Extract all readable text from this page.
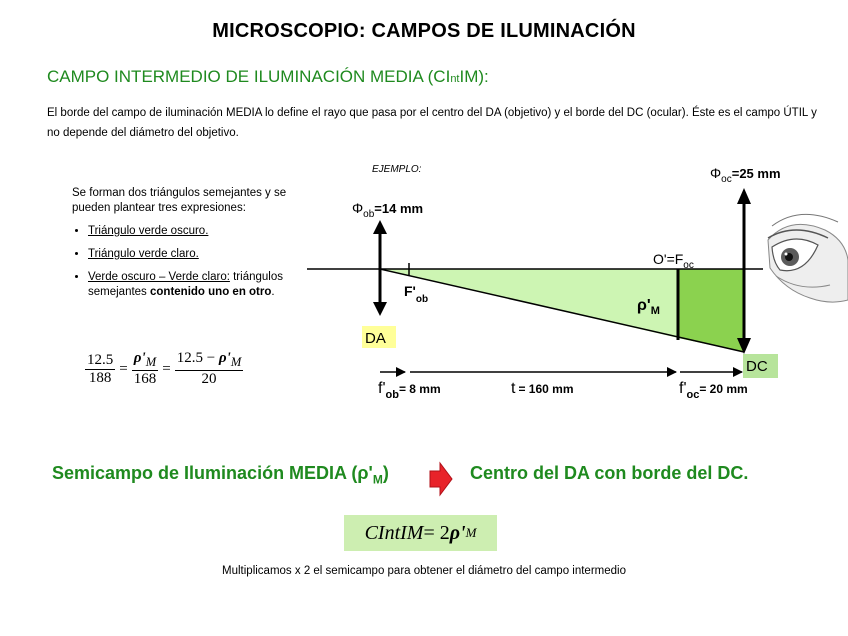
MICROSCOPIO: CAMPOS DE ILUMINACIÓN
CAMPO INTERMEDIO DE ILUMINACIÓN MEDIA (CIntIM):
El borde del campo de iluminación MEDIA lo define el rayo que pasa por el centro del DA (objetivo) y el borde del DC (ocular). Éste es el campo ÚTIL y no depende del diámetro del objetivo.
Se forman dos triángulos semejantes y se pueden plantear tres expresiones:
• Triángulo verde oscuro.
• Triángulo verde claro.
• Verde oscuro – Verde claro: triángulos semejantes contenido uno en otro.
$\frac{12.5}{188} = \frac{\rho'_M}{168} = \frac{12.5 - \rho'_M}{20}$
EJEMPLO:
$\Phi_{ob}=14$ mm
$\Phi_{oc}=25$ mm
$F'_{ob}$
$O'=F_{oc}$
$\rho'_M$
DA
DC
$f'_{ob}^{= 8 mm}$	t = 160 mm	$f'_{oc}^{= 20 mm}$
Semicampo de Iluminación MEDIA $(\rho'_M)$	Centro del DA con borde del DC.
CIntIM = 2 ρ' M
Multiplicamos x 2 el semicampo para obtener el diámetro del campo intermedio
